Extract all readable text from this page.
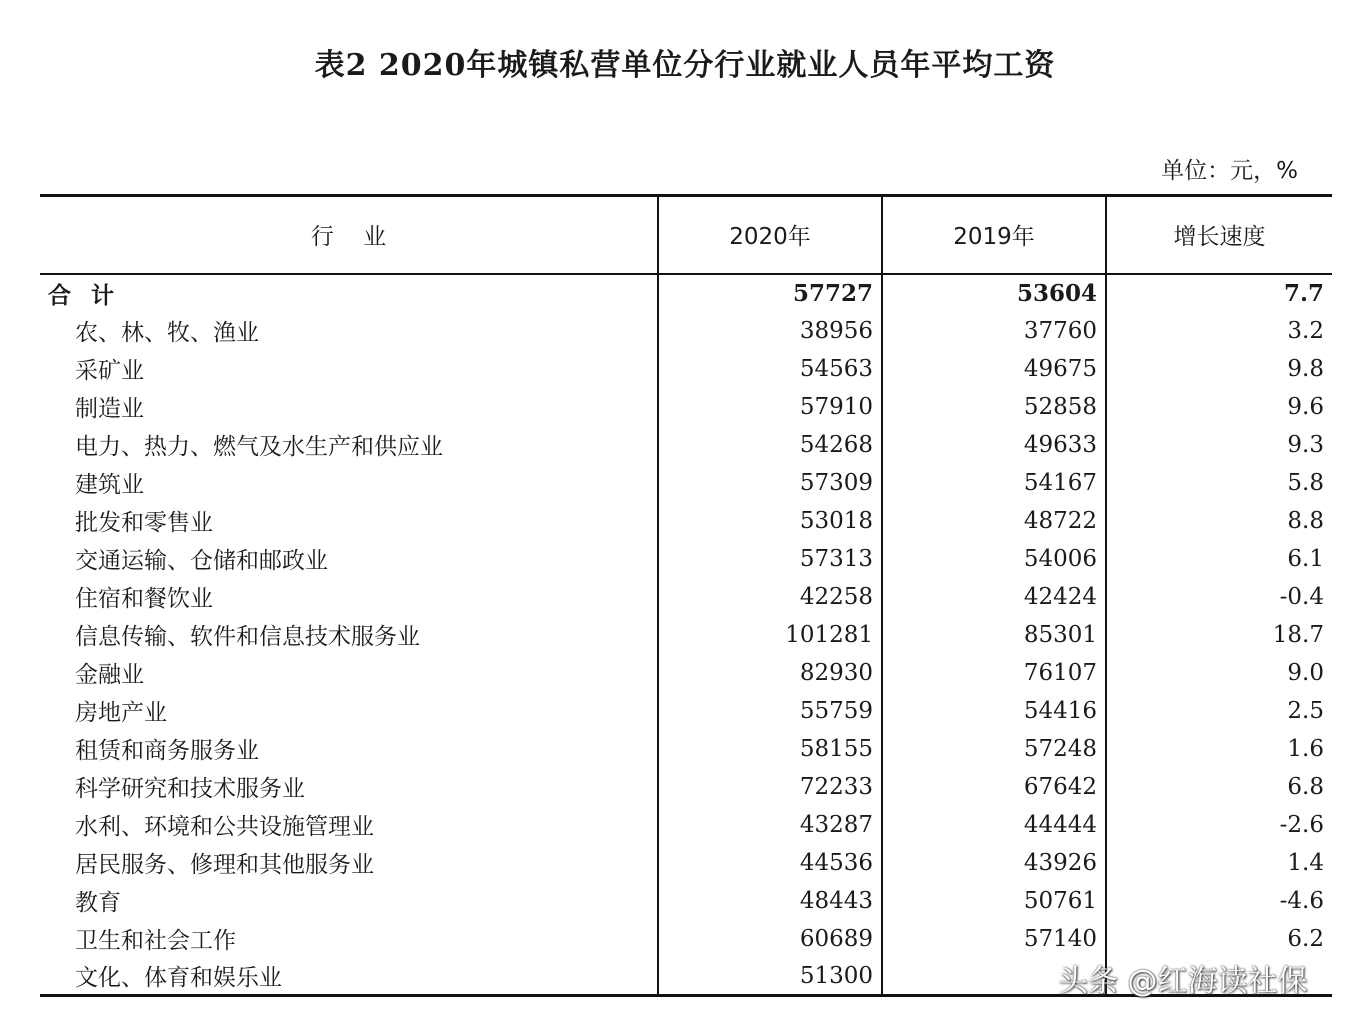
表2 2020年城镇私营单位分行业就业人员年平均工资
单位：元，%
行    业	2020年	2019年	增长速度
合 计	57727	53604	7.7
农、林、牧、渔业	38956	37760	3.2
采矿业	54563	49675	9.8
制造业	57910	52858	9.6
电力、热力、燃气及水生产和供应业	54268	49633	9.3
建筑业	57309	54167	5.8
批发和零售业	53018	48722	8.8
交通运输、仓储和邮政业	57313	54006	6.1
住宿和餐饮业	42258	42424	-0.4
信息传输、软件和信息技术服务业	101281	85301	18.7
金融业	82930	76107	9.0
房地产业	55759	54416	2.5
租赁和商务服务业	58155	57248	1.6
科学研究和技术服务业	72233	67642	6.8
水利、环境和公共设施管理业	43287	44444	-2.6
居民服务、修理和其他服务业	44536	43926	1.4
教育	48443	50761	-4.6
卫生和社会工作	60689	57140	6.2
文化、体育和娱乐业	51300			头条 @红海读社保
